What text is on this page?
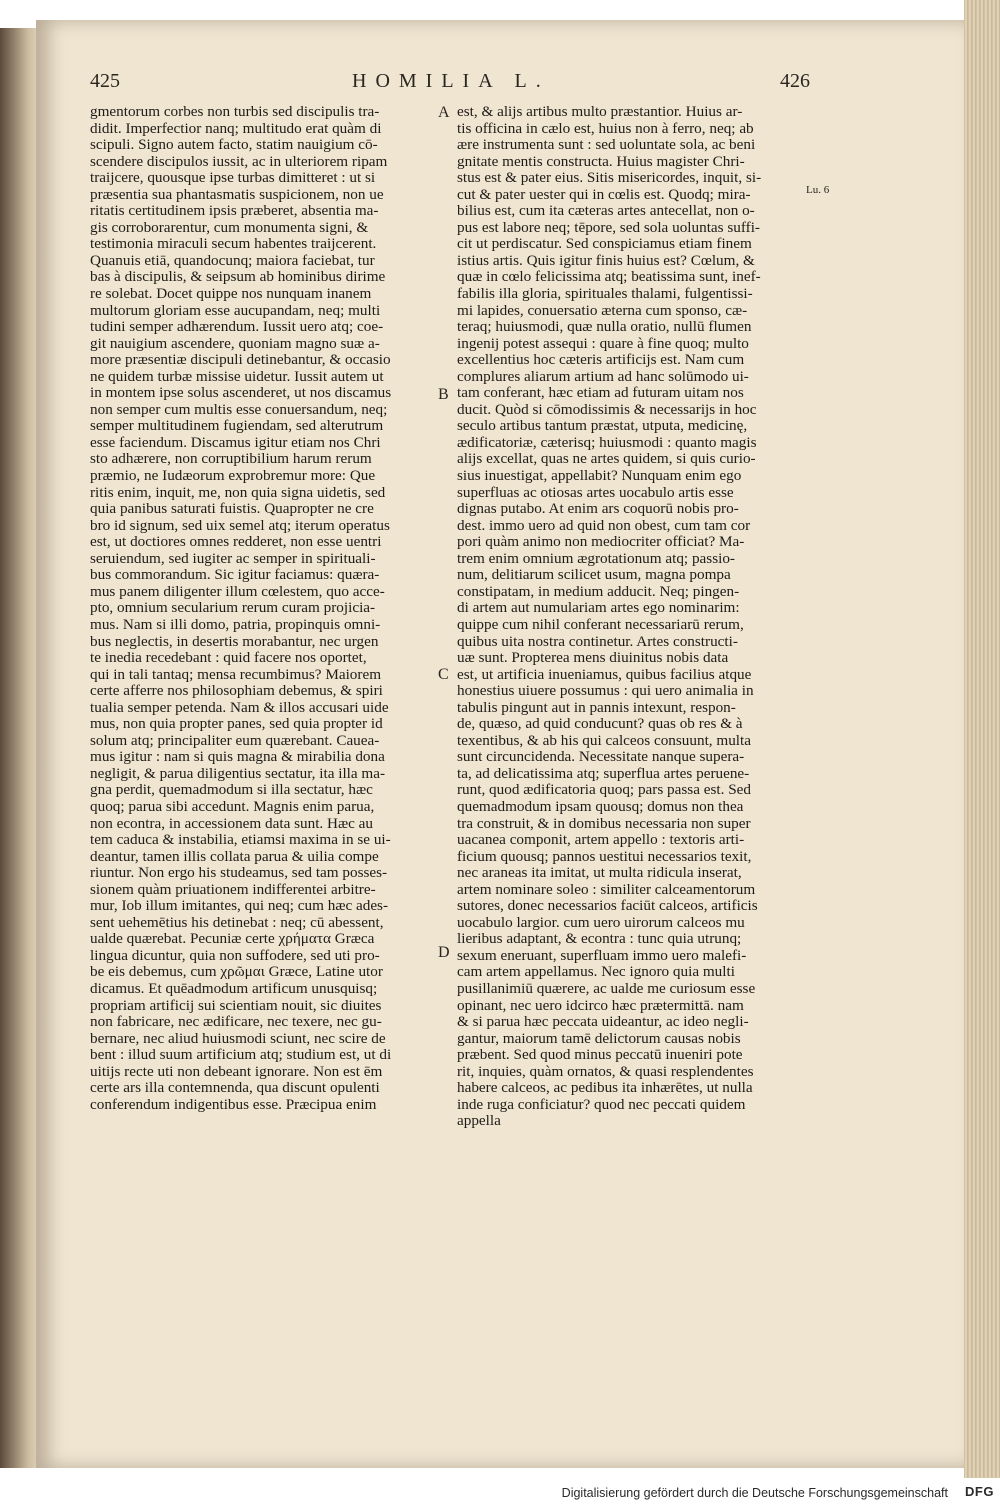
425	HOMILIA L.	426
gmentorum corbes non turbis sed discipulis tra-
didit. Imperfectior nanq; multitudo erat quàm di
scipuli. Signo autem facto, statim nauigium cō-
scendere discipulos iussit, ac in ulteriorem ripam
traijcere, quousque ipse turbas dimitteret : ut si
præsentia sua phantasmatis suspicionem, non ue
ritatis certitudinem ipsis præberet, absentia ma-
gis corroborarentur, cum monumenta signi, &
testimonia miraculi secum habentes traijcerent.
Quanuis etiā, quandocunq; maiora faciebat, tur
bas à discipulis, & seipsum ab hominibus dirime
re solebat. Docet quippe nos nunquam inanem
multorum gloriam esse aucupandam, neq; multi
tudini semper adhærendum. Iussit uero atq; coe-
git nauigium ascendere, quoniam magno suæ a-
more præsentiæ discipuli detinebantur, & occasio
ne quidem turbæ missise uidetur. Iussit autem ut
in montem ipse solus ascenderet, ut nos discamus
non semper cum multis esse conuersandum, neq;
semper multitudinem fugiendam, sed alterutrum
esse faciendum. Discamus igitur etiam nos Chri
sto adhærere, non corruptibilium harum rerum
præmio, ne Iudæorum exprobremur more: Que
ritis enim, inquit, me, non quia signa uidetis, sed
quia panibus saturati fuistis. Quapropter ne cre
bro id signum, sed uix semel atq; iterum operatus
est, ut doctiores omnes redderet, non esse uentri
seruiendum, sed iugiter ac semper in spirituali-
bus commorandum. Sic igitur faciamus: quæra-
mus panem diligenter illum cœlestem, quo acce-
pto, omnium secularium rerum curam projicia-
mus. Nam si illi domo, patria, propinquis omni-
bus neglectis, in desertis morabantur, nec urgen
te inedia recedebant : quid facere nos oportet,
qui in tali tantaq; mensa recumbimus? Maiorem
certe afferre nos philosophiam debemus, & spiri
tualia semper petenda. Nam & illos accusari uide
mus, non quia propter panes, sed quia propter id
solum atq; principaliter eum quærebant. Cauea-
mus igitur : nam si quis magna & mirabilia dona
negligit, & parua diligentius sectatur, ita illa ma-
gna perdit, quemadmodum si illa sectatur, hæc
quoq; parua sibi accedunt. Magnis enim parua,
non econtra, in accessionem data sunt. Hæc au
tem caduca & instabilia, etiamsi maxima in se ui-
deantur, tamen illis collata parua & uilia compe
riuntur. Non ergo his studeamus, sed tam posses-
sionem quàm priuationem indifferentei arbitre-
mur, Iob illum imitantes, qui neq; cum hæc ades-
sent uehemētius his detinebat : neq; cū abessent,
ualde quærebat. Pecuniæ certe χρήματα Græca
lingua dicuntur, quia non suffodere, sed uti pro-
be eis debemus, cum χρῶμαι Græce, Latine utor
dicamus. Et quēadmodum artificum unusquisq;
propriam artificij sui scientiam nouit, sic diuites
non fabricare, nec ædificare, nec texere, nec gu-
bernare, nec aliud huiusmodi sciunt, nec scire de
bent : illud suum artificium atq; studium est, ut di
uitijs recte uti non debeant ignorare. Non est ēm
certe ars illa contemnenda, qua discunt opulenti
conferendum indigentibus esse. Præcipua enim
est, & alijs artibus multo præstantior. Huius ar-
tis officina in cælo est, huius non à ferro, neq; ab
ære instrumenta sunt : sed uoluntate sola, ac beni
gnitate mentis constructa. Huius magister Chri-
stus est & pater eius. Sitis misericordes, inquit, si-
cut & pater uester qui in cœlis est. Quodq; mira-
bilius est, cum ita cæteras artes antecellat, non o-
pus est labore neq; tēpore, sed sola uoluntas suffi-
cit ut perdiscatur. Sed conspiciamus etiam finem
istius artis. Quis igitur finis huius est? Cœlum, &
quæ in cœlo felicissima atq; beatissima sunt, inef-
fabilis illa gloria, spirituales thalami, fulgentissi-
mi lapides, conuersatio æterna cum sponso, cæ-
teraq; huiusmodi, quæ nulla oratio, nullū flumen
ingenij potest assequi : quare à fine quoq; multo
excellentius hoc cæteris artificijs est. Nam cum
complures aliarum artium ad hanc solūmodo ui-
tam conferant, hæc etiam ad futuram uitam nos
ducit. Quòd si cōmodissimis & necessarijs in hoc
seculo artibus tantum præstat, utputa, medicinę,
ædificatoriæ, cæterisq; huiusmodi : quanto magis
alijs excellat, quas ne artes quidem, si quis curio-
sius inuestigat, appellabit? Nunquam enim ego
superfluas ac otiosas artes uocabulo artis esse
dignas putabo. At enim ars coquorū nobis pro-
dest. immo uero ad quid non obest, cum tam cor
pori quàm animo non mediocriter officiat? Ma-
trem enim omnium ægrotationum atq; passio-
num, delitiarum scilicet usum, magna pompa
constipatam, in medium adducit. Neq; pingen-
di artem aut numulariam artes ego nominarim:
quippe cum nihil conferant necessariarū rerum,
quibus uita nostra continetur. Artes constructi-
uæ sunt. Propterea mens diuinitus nobis data
est, ut artificia inueniamus, quibus facilius atque
honestius uiuere possumus : qui uero animalia in
tabulis pingunt aut in pannis intexunt, respon-
de, quæso, ad quid conducunt? quas ob res & à
texentibus, & ab his qui calceos consuunt, multa
sunt circuncidenda. Necessitate nanque supera-
ta, ad delicatissima atq; superflua artes peruene-
runt, quod ædificatoria quoq; pars passa est. Sed
quemadmodum ipsam quousq; domus non thea
tra construit, & in domibus necessaria non super
uacanea componit, artem appello : textoris arti-
ficium quousq; pannos uestitui necessarios texit,
nec araneas ita imitat, ut multa ridicula inserat,
artem nominare soleo : similiter calceamentorum
sutores, donec necessarios faciūt calceos, artificis
uocabulo largior. cum uero uirorum calceos mu
lieribus adaptant, & econtra : tunc quia utrunq;
sexum eneruant, superfluam immo uero malefi-
cam artem appellamus. Nec ignoro quia multi
pusillanimiū quærere, ac ualde me curiosum esse
opinant, nec uero idcirco hæc prætermittā. nam
& si parua hæc peccata uideantur, ac ideo negli-
gantur, maiorum tamē delictorum causas nobis
præbent. Sed quod minus peccatū inueniri pote
rit, inquies, quàm ornatos, & quasi resplendentes
habere calceos, ac pedibus ita inhærētes, ut nulla
inde ruga conficiatur? quod nec peccati quidem
appella
A
B
C
D
Lu. 6
Digitalisierung gefördert durch die Deutsche Forschungsgemeinschaft DFG
